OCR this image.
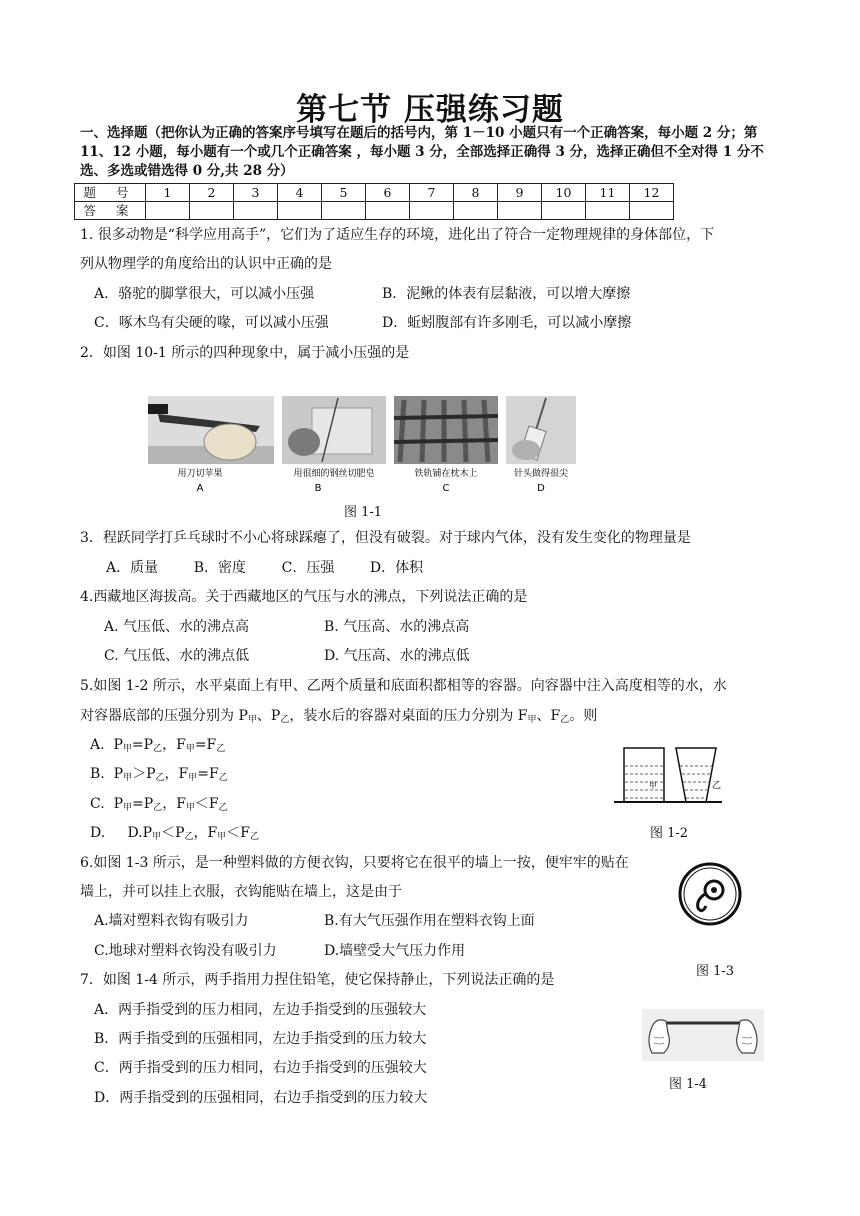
第七节 压强练习题
一、选择题（把你认为正确的答案序号填写在题后的括号内，第 1－10 小题只有一个正确答案，每小题 2 分；第 11、12 小题，每小题有一个或几个正确答案 ，每小题 3 分，全部选择正确得 3 分，选择正确但不全对得 1 分不选、多选或错选得 0 分,共 28 分）
题 号	1	2	3	4	5	6	7	8	9	10	11	12
答 案												
1. 很多动物是“科学应用高手”，它们为了适应生存的环境，进化出了符合一定物理规律的身体部位，下
列从物理学的角度给出的认识中正确的是
A．骆驼的脚掌很大，可以减小压强	B．泥鳅的体表有层黏液，可以增大摩擦
C．啄木鸟有尖硬的喙，可以减小压强	D．蚯蚓腹部有许多刚毛，可以减小摩擦
2．如图 10-1 所示的四种现象中，属于减小压强的是
用刀切苹果	用很细的钢丝切肥皂	铁轨铺在枕木上	针头做得很尖
A	B	C	D
图 1-1
3．程跃同学打乒乓球时不小心将球踩瘪了，但没有破裂。对于球内气体，没有发生变化的物理量是
A．质量        B．密度        C．压强        D．体积
4.西藏地区海拔高。关于西藏地区的气压与水的沸点，下列说法正确的是
A. 气压低、水的沸点高	B. 气压高、水的沸点高
C. 气压低、水的沸点低	D. 气压高、水的沸点低
5.如图 1-2 所示，水平桌面上有甲、乙两个质量和底面积都相等的容器。向容器中注入高度相等的水，水
对容器底部的压强分别为 P甲、P乙，装水后的容器对桌面的压力分别为 F甲、F乙。则
A. P甲=P乙，F甲=F乙
B. P甲＞P乙，F甲=F乙
C. P甲=P乙，F甲＜F乙
D. D.P甲＜P乙，F甲＜F乙
甲	乙
图 1-2
6.如图 1-3 所示，是一种塑料做的方便衣钩，只要将它在很平的墙上一按，便牢牢的贴在
墙上，并可以挂上衣服，衣钩能贴在墙上，这是由于
A.墙对塑料衣钩有吸引力	B.有大气压强作用在塑料衣钩上面
C.地球对塑料衣钩没有吸引力	D.墙壁受大气压力作用
图 1-3
7．如图 1-4 所示，两手指用力捏住铅笔，使它保持静止，下列说法正确的是
A．两手指受到的压力相同，左边手指受到的压强较大
B．两手指受到的压强相同，左边手指受到的压力较大
C．两手指受到的压力相同，右边手指受到的压强较大
D．两手指受到的压强相同，右边手指受到的压力较大
图 1-4
